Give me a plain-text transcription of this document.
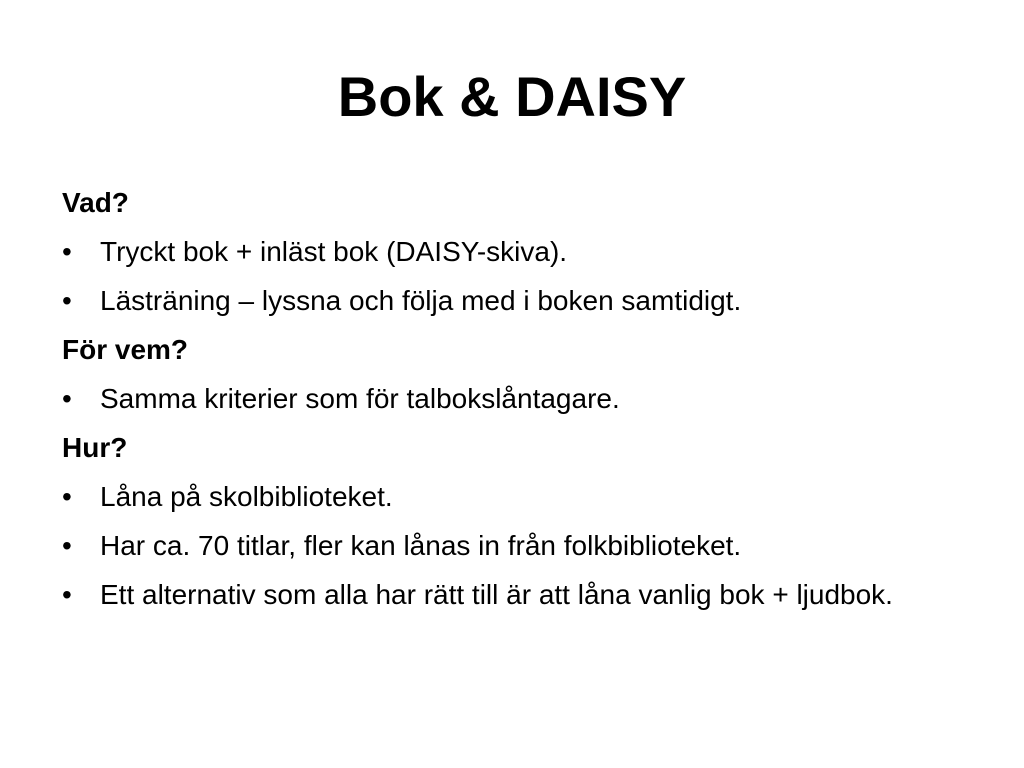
Bok & DAISY
Vad?
• Tryckt bok + inläst bok (DAISY-skiva).
• Lästräning – lyssna och följa med i boken samtidigt.
För vem?
• Samma kriterier som för talbokslåntagare.
Hur?
• Låna på skolbiblioteket.
• Har ca. 70 titlar, fler kan lånas in från folkbiblioteket.
• Ett alternativ som alla har rätt till är att låna vanlig bok + ljudbok.
